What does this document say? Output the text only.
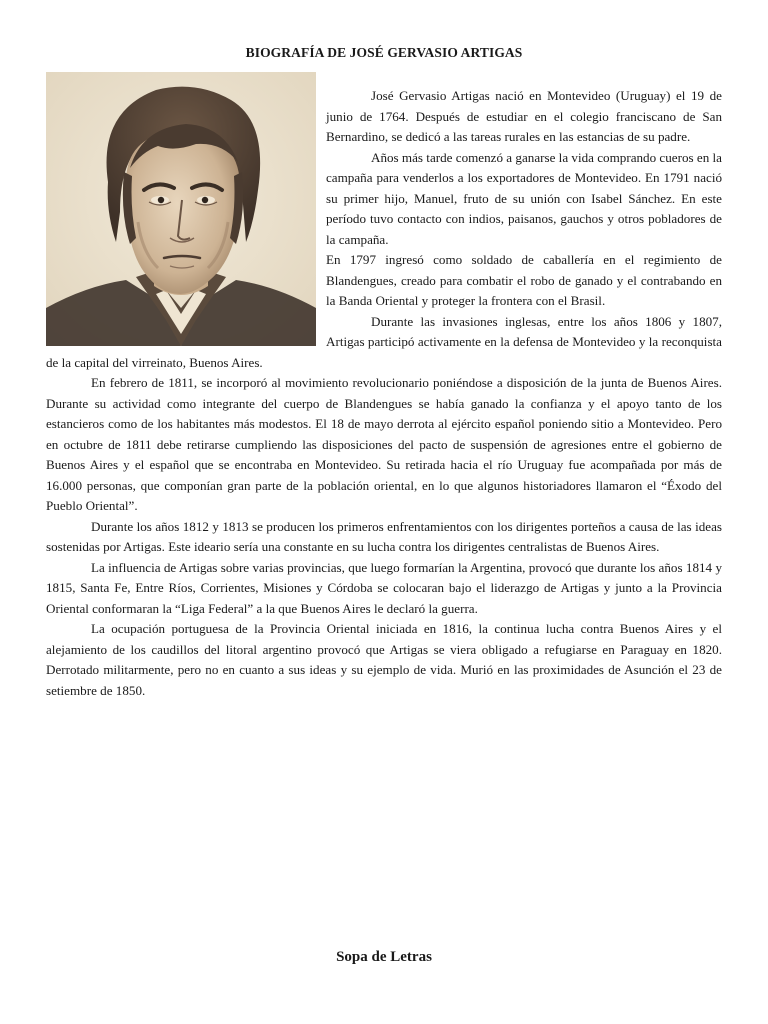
BIOGRAFÍA DE JOSÉ GERVASIO ARTIGAS

José Gervasio Artigas nació en Montevideo (Uruguay) el 19 de junio de 1764. Después de estudiar en el colegio franciscano de San Bernardino, se dedicó a las tareas rurales en las estancias de su padre.

Años más tarde comenzó a ganarse la vida comprando cueros en la campaña para venderlos a los exportadores de Montevideo. En 1791 nació su primer hijo, Manuel, fruto de su unión con Isabel Sánchez. En este período tuvo contacto con indios, paisanos, gauchos y otros pobladores de la campaña.

En 1797 ingresó como soldado de caballería en el regimiento de Blandengues, creado para combatir el robo de ganado y el contrabando en la Banda Oriental y proteger la frontera con el Brasil.

Durante las invasiones inglesas, entre los años 1806 y 1807, Artigas participó activamente en la defensa de Montevideo y la reconquista de la capital del virreinato, Buenos Aires.

En febrero de 1811, se incorporó al movimiento revolucionario poniéndose a disposición de la junta de Buenos Aires. Durante su actividad como integrante del cuerpo de Blandengues se había ganado la confianza y el apoyo tanto de los estancieros como de los habitantes más modestos. El 18 de mayo derrota al ejército español poniendo sitio a Montevideo. Pero en octubre de 1811 debe retirarse cumpliendo las disposiciones del pacto de suspensión de agresiones entre el gobierno de Buenos Aires y el español que se encontraba en Montevideo. Su retirada hacia el río Uruguay fue acompañada por más de 16.000 personas, que componían gran parte de la población oriental, en lo que algunos historiadores llamaron el “Éxodo del Pueblo Oriental”.

Durante los años 1812 y 1813 se producen los primeros enfrentamientos con los dirigentes porteños a causa de las ideas sostenidas por Artigas. Este ideario sería una constante en su lucha contra los dirigentes centralistas de Buenos Aires.

La influencia de Artigas sobre varias provincias, que luego formarían la Argentina, provocó que durante los años 1814 y 1815, Santa Fe, Entre Ríos, Corrientes, Misiones y Córdoba se colocaran bajo el liderazgo de Artigas y junto a la Provincia Oriental conformaran la “Liga Federal” a la que Buenos Aires le declaró la guerra.

La ocupación portuguesa de la Provincia Oriental iniciada en 1816, la continua lucha contra Buenos Aires y el alejamiento de los caudillos del litoral argentino provocó que Artigas se viera obligado a refugiarse en Paraguay en 1820. Derrotado militarmente, pero no en cuanto a sus ideas y su ejemplo de vida. Murió en las proximidades de Asunción el 23 de setiembre de 1850.

Sopa de Letras
